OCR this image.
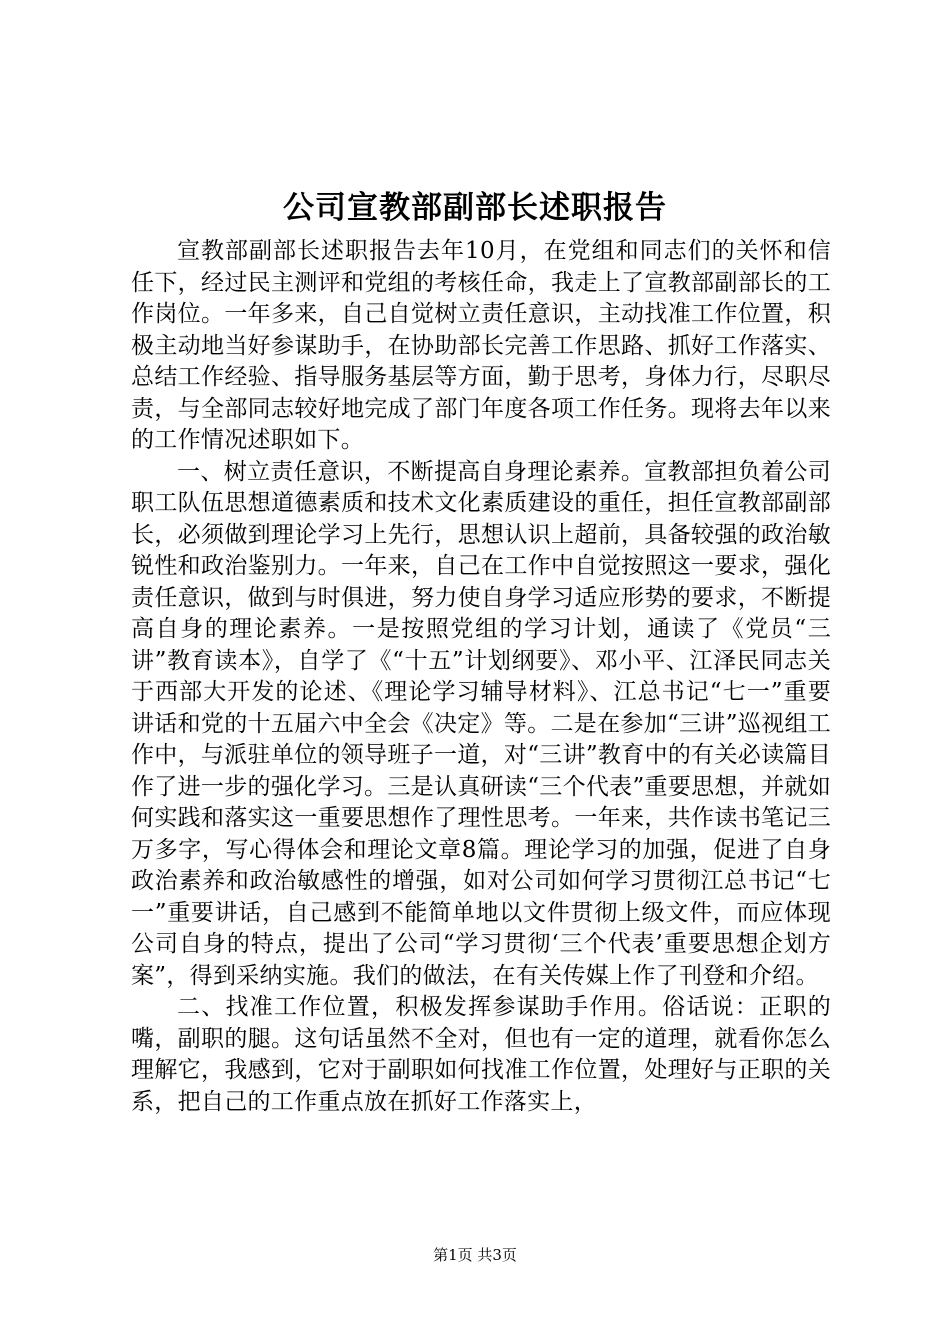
公司宣教部副部长述职报告

宣教部副部长述职报告去年10月，在党组和同志们的关怀和信任下，经过民主测评和党组的考核任命，我走上了宣教部副部长的工作岗位。一年多来，自己自觉树立责任意识，主动找准工作位置，积极主动地当好参谋助手，在协助部长完善工作思路、抓好工作落实、总结工作经验、指导服务基层等方面，勤于思考，身体力行，尽职尽责，与全部同志较好地完成了部门年度各项工作任务。现将去年以来的工作情况述职如下。

一、树立责任意识，不断提高自身理论素养。宣教部担负着公司职工队伍思想道德素质和技术文化素质建设的重任，担任宣教部副部长，必须做到理论学习上先行，思想认识上超前，具备较强的政治敏锐性和政治鉴别力。一年来，自己在工作中自觉按照这一要求，强化责任意识，做到与时俱进，努力使自身学习适应形势的要求，不断提高自身的理论素养。一是按照党组的学习计划，通读了《党员“三讲”教育读本》，自学了《“十五”计划纲要》、邓小平、江泽民同志关于西部大开发的论述、《理论学习辅导材料》、江总书记“七一”重要讲话和党的十五届六中全会《决定》等。二是在参加“三讲”巡视组工作中，与派驻单位的领导班子一道，对“三讲”教育中的有关必读篇目作了进一步的强化学习。三是认真研读“三个代表”重要思想，并就如何实践和落实这一重要思想作了理性思考。一年来，共作读书笔记三万多字，写心得体会和理论文章8篇。理论学习的加强，促进了自身政治素养和政治敏感性的增强，如对公司如何学习贯彻江总书记“七一”重要讲话，自己感到不能简单地以文件贯彻上级文件，而应体现公司自身的特点，提出了公司“学习贯彻‘三个代表’重要思想企划方案”，得到采纳实施。我们的做法，在有关传媒上作了刊登和介绍。

二、找准工作位置，积极发挥参谋助手作用。俗话说：正职的嘴，副职的腿。这句话虽然不全对，但也有一定的道理，就看你怎么理解它，我感到，它对于副职如何找准工作位置，处理好与正职的关系，把自己的工作重点放在抓好工作落实上，

第1页 共3页
